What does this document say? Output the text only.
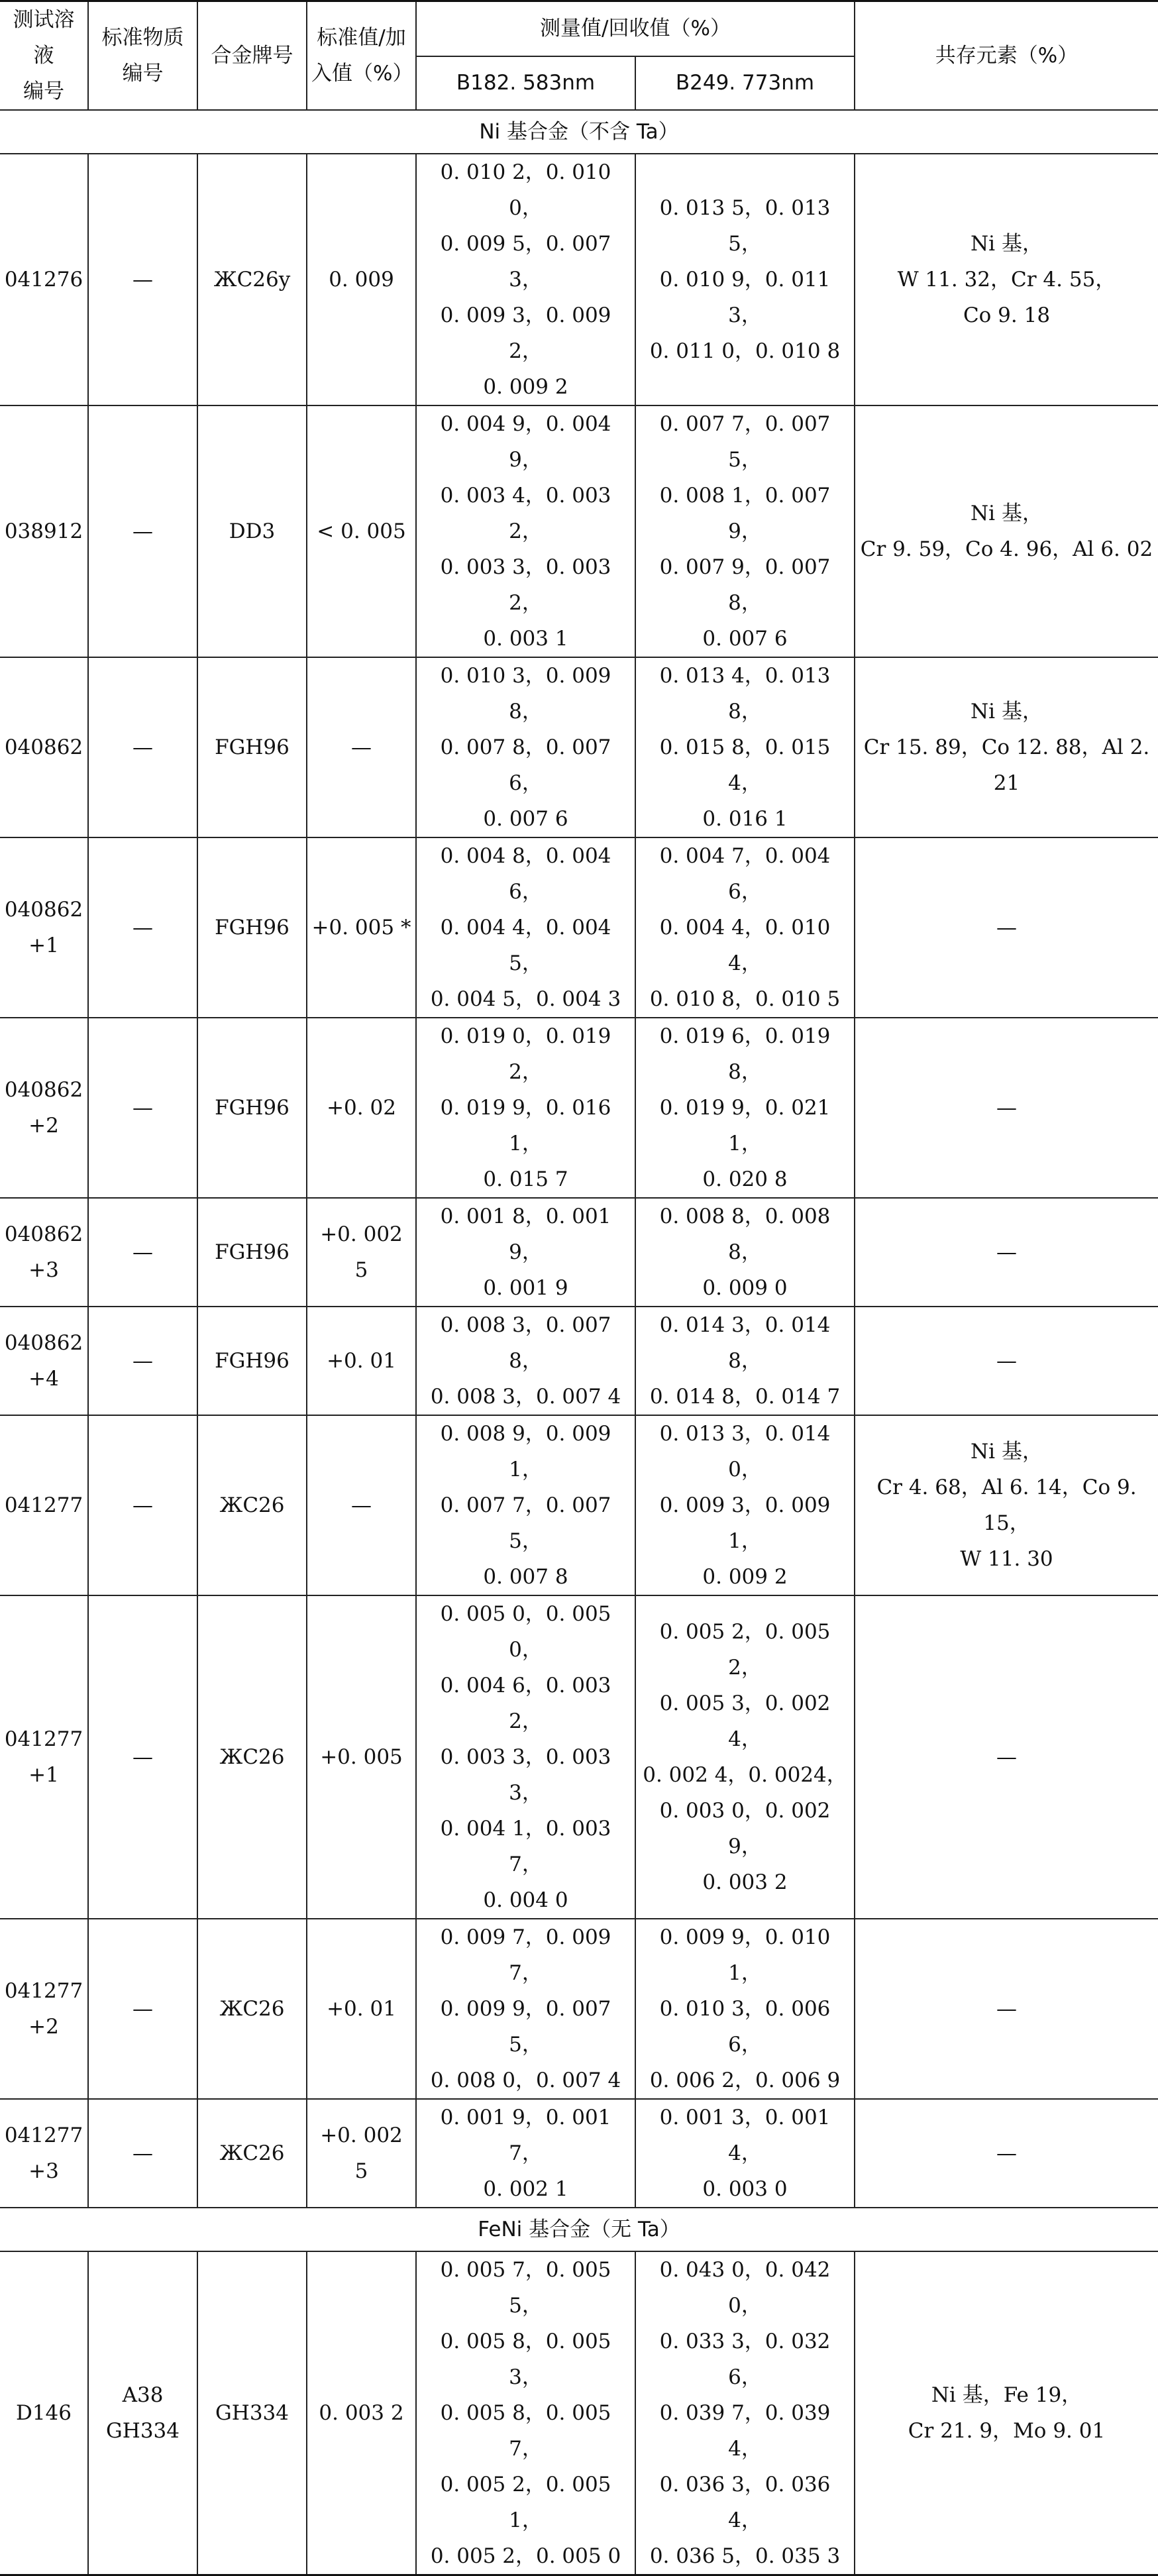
测试溶液
编号	标准物质
编号	合金牌号	标准值/加
入值（%）	测量值/回收值（%）		共存元素（%）
				B182. 583nm	B249. 773nm	
Ni 基合金（不含 Ta）						
041276	—	ЖC26y	0. 009	0. 010 2，0. 010 0，
0. 009 5，0. 007 3，
0. 009 3，0. 009 2，
0. 009 2	0. 013 5，0. 013 5，
0. 010 9，0. 011 3，
0. 011 0，0. 010 8	Ni 基，
W 11. 32，Cr 4. 55，
Co 9. 18
038912	—	DD3	< 0. 005	0. 004 9，0. 004 9，
0. 003 4，0. 003 2，
0. 003 3，0. 003 2，
0. 003 1	0. 007 7，0. 007 5，
0. 008 1，0. 007 9，
0. 007 9，0. 007 8，
0. 007 6	Ni 基，
Cr 9. 59，Co 4. 96，Al 6. 02
040862	—	FGH96	—	0. 010 3，0. 009 8，
0. 007 8，0. 007 6，
0. 007 6	0. 013 4，0. 013 8，
0. 015 8，0. 015 4，
0. 016 1	Ni 基，
Cr 15. 89，Co 12. 88，Al 2. 21
040862
+1	—	FGH96	+0. 005 *	0. 004 8，0. 004 6，
0. 004 4，0. 004 5，
0. 004 5，0. 004 3	0. 004 7，0. 004 6，
0. 004 4，0. 010 4，
0. 010 8，0. 010 5	—
040862
+2	—	FGH96	+0. 02	0. 019 0，0. 019 2，
0. 019 9，0. 016 1，
0. 015 7	0. 019 6，0. 019 8，
0. 019 9，0. 021 1，
0. 020 8	—
040862
+3	—	FGH96	+0. 002 5	0. 001 8，0. 001 9，
0. 001 9	0. 008 8，0. 008 8，
0. 009 0	—
040862
+4	—	FGH96	+0. 01	0. 008 3，0. 007 8，
0. 008 3，0. 007 4	0. 014 3，0. 014 8，
0. 014 8，0. 014 7	—
041277	—	ЖC26	—	0. 008 9，0. 009 1，
0. 007 7，0. 007 5，
0. 007 8	0. 013 3，0. 014 0，
0. 009 3，0. 009 1，
0. 009 2	Ni 基，
Cr 4. 68，Al 6. 14，Co 9. 15，
W 11. 30
041277
+1	—	ЖC26	+0. 005	0. 005 0，0. 005 0，
0. 004 6，0. 003 2，
0. 003 3，0. 003 3，
0. 004 1，0. 003 7，
0. 004 0	0. 005 2，0. 005 2，
0. 005 3，0. 002 4，
0. 002 4，0. 0024，
0. 003 0，0. 002 9，
0. 003 2	—
041277
+2	—	ЖC26	+0. 01	0. 009 7，0. 009 7，
0. 009 9，0. 007 5，
0. 008 0，0. 007 4	0. 009 9，0. 010 1，
0. 010 3，0. 006 6，
0. 006 2，0. 006 9	—
041277
+3	—	ЖC26	+0. 002 5	0. 001 9，0. 001 7，
0. 002 1	0. 001 3，0. 001 4，
0. 003 0	—
FeNi 基合金（无 Ta）						
D146	A38
GH334	GH334	0. 003 2	0. 005 7，0. 005 5，
0. 005 8，0. 005 3，
0. 005 8，0. 005 7，
0. 005 2，0. 005 1，
0. 005 2，0. 005 0	0. 043 0，0. 042 0，
0. 033 3，0. 032 6，
0. 039 7，0. 039 4，
0. 036 3，0. 036 4，
0. 036 5，0. 035 3	Ni 基，Fe 19，
Cr 21. 9，Mo 9. 01
